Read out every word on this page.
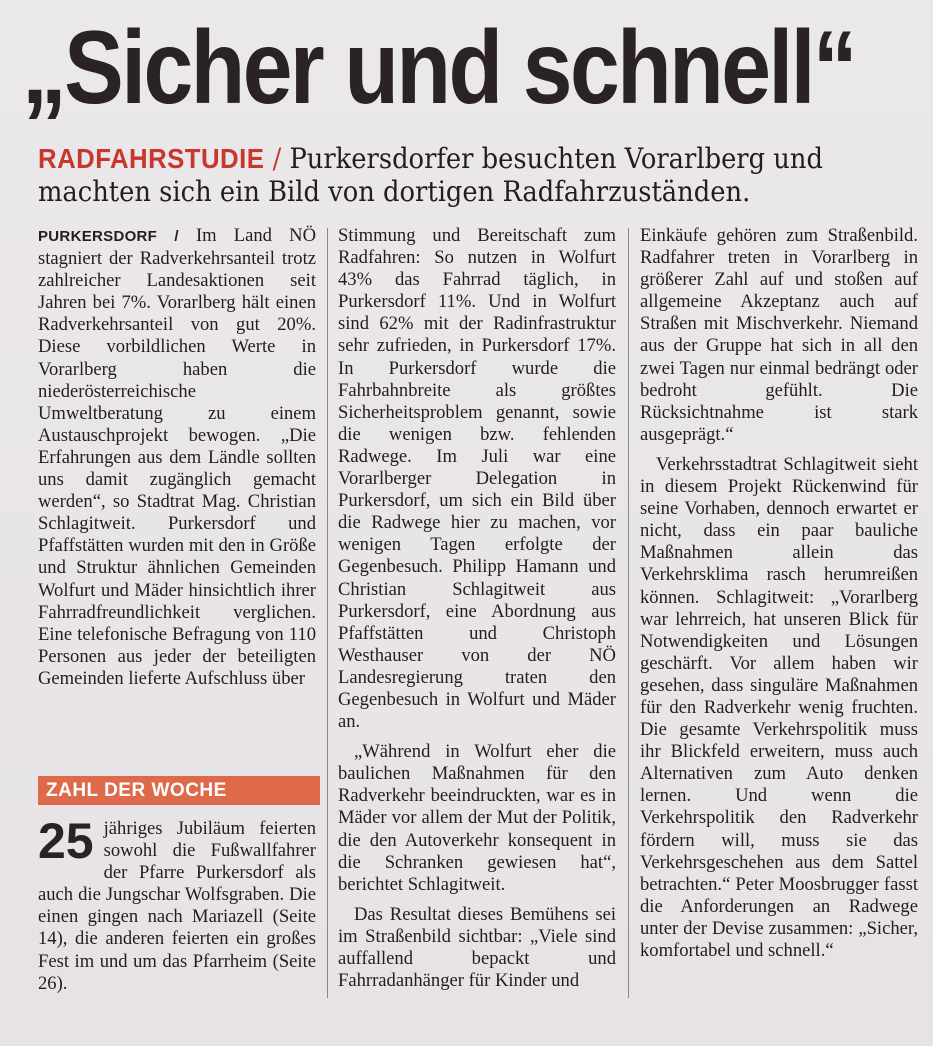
„Sicher und schnell“
RADFAHRSTUDIE / Purkersdorfer besuchten Vorarlberg und machten sich ein Bild von dortigen Radfahrzuständen.

PURKERSDORF / Im Land NÖ stagniert der Radverkehrsanteil trotz zahlreicher Landesaktionen seit Jahren bei 7%. Vorarlberg hält einen Radverkehrsanteil von gut 20%. Diese vorbildlichen Werte in Vorarlberg haben die niederösterreichische Umweltberatung zu einem Austauschprojekt bewogen. „Die Erfahrungen aus dem Ländle sollten uns damit zugänglich gemacht werden“, so Stadtrat Mag. Christian Schlagitweit. Purkersdorf und Pfaffstätten wurden mit den in Größe und Struktur ähnlichen Gemeinden Wolfurt und Mäder hinsichtlich ihrer Fahrradfreundlichkeit verglichen. Eine telefonische Befragung von 110 Personen aus jeder der beteiligten Gemeinden lieferte Aufschluss über

Stimmung und Bereitschaft zum Radfahren: So nutzen in Wolfurt 43% das Fahrrad täglich, in Purkersdorf 11%. Und in Wolfurt sind 62% mit der Radinfrastruktur sehr zufrieden, in Purkersdorf 17%. In Purkersdorf wurde die Fahrbahnbreite als größtes Sicherheitsproblem genannt, sowie die wenigen bzw. fehlenden Radwege. Im Juli war eine Vorarlberger Delegation in Purkersdorf, um sich ein Bild über die Radwege hier zu machen, vor wenigen Tagen erfolgte der Gegenbesuch. Philipp Hamann und Christian Schlagitweit aus Purkersdorf, eine Abordnung aus Pfaffstätten und Christoph Westhauser von der NÖ Landesregierung traten den Gegenbesuch in Wolfurt und Mäder an.

„Während in Wolfurt eher die baulichen Maßnahmen für den Radverkehr beeindruckten, war es in Mäder vor allem der Mut der Politik, die den Autoverkehr konsequent in die Schranken gewiesen hat“, berichtet Schlagitweit.

Das Resultat dieses Bemühens sei im Straßenbild sichtbar: „Viele sind auffallend bepackt und Fahrradanhänger für Kinder und

Einkäufe gehören zum Straßenbild. Radfahrer treten in Vorarlberg in größerer Zahl auf und stoßen auf allgemeine Akzeptanz auch auf Straßen mit Mischverkehr. Niemand aus der Gruppe hat sich in all den zwei Tagen nur einmal bedrängt oder bedroht gefühlt. Die Rücksichtnahme ist stark ausgeprägt.“

Verkehrsstadtrat Schlagitweit sieht in diesem Projekt Rückenwind für seine Vorhaben, dennoch erwartet er nicht, dass ein paar bauliche Maßnahmen allein das Verkehrsklima rasch herumreißen können. Schlagitweit: „Vorarlberg war lehrreich, hat unseren Blick für Notwendigkeiten und Lösungen geschärft. Vor allem haben wir gesehen, dass singuläre Maßnahmen für den Radverkehr wenig fruchten. Die gesamte Verkehrspolitik muss ihr Blickfeld erweitern, muss auch Alternativen zum Auto denken lernen. Und wenn die Verkehrspolitik den Radverkehr fördern will, muss sie das Verkehrsgeschehen aus dem Sattel betrachten.“ Peter Moosbrugger fasst die Anforderungen an Radwege unter der Devise zusammen: „Sicher, komfortabel und schnell.“

ZAHL DER WOCHE
25 jähriges Jubiläum feierten sowohl die Fußwallfahrer der Pfarre Purkersdorf als auch die Jungschar Wolfsgraben. Die einen gingen nach Mariazell (Seite 14), die anderen feierten ein großes Fest im und um das Pfarrheim (Seite 26).
